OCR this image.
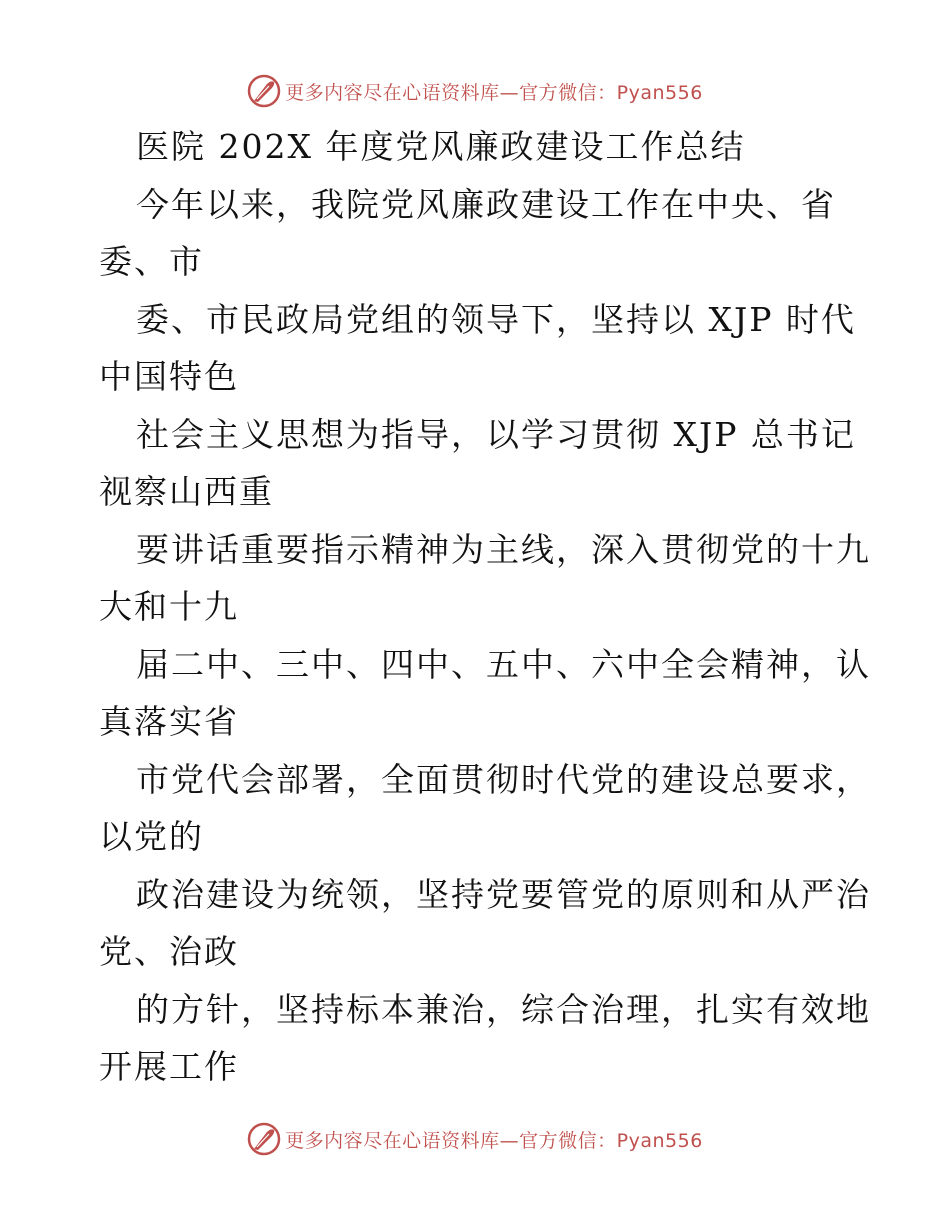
更多内容尽在心语资料库—官方微信：Pyan556
医院 202X 年度党风廉政建设工作总结
今年以来，我院党风廉政建设工作在中央、省
委、市
委、市民政局党组的领导下，坚持以 XJP 时代
中国特色
社会主义思想为指导，以学习贯彻 XJP 总书记
视察山西重
要讲话重要指示精神为主线，深入贯彻党的十九
大和十九
届二中、三中、四中、五中、六中全会精神，认
真落实省
市党代会部署，全面贯彻时代党的建设总要求，
以党的
政治建设为统领，坚持党要管党的原则和从严治
党、治政
的方针，坚持标本兼治，综合治理，扎实有效地
开展工作
更多内容尽在心语资料库—官方微信：Pyan556
